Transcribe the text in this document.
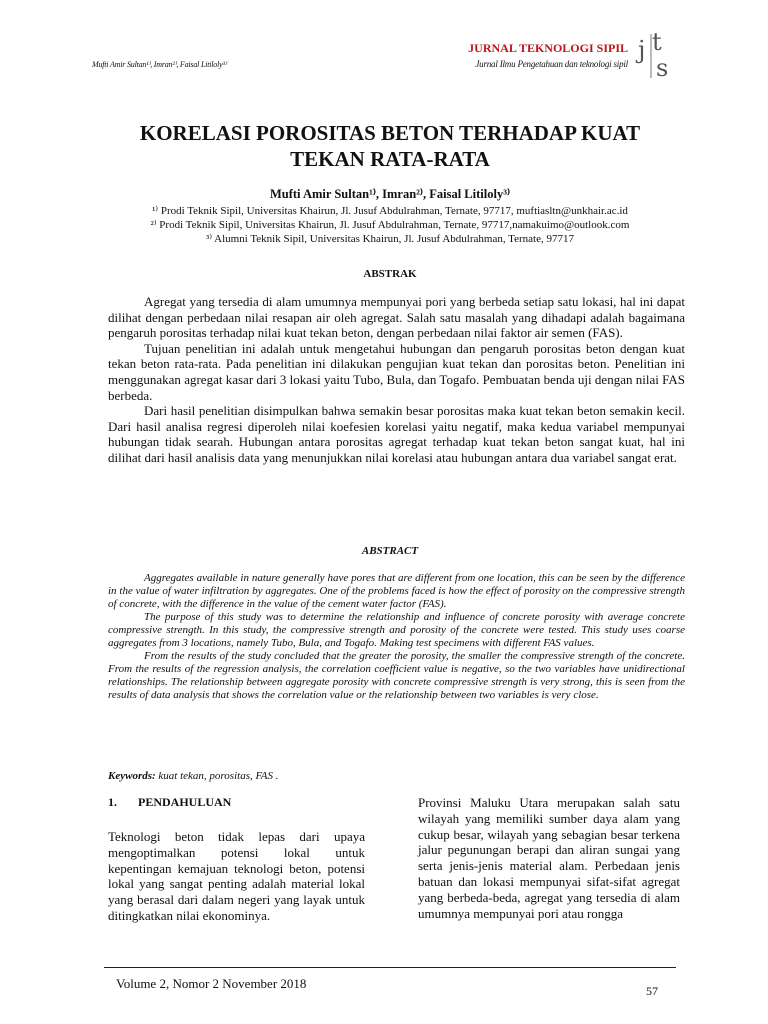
Mufti Amir Sultan¹⁾, Imran²⁾, Faisal Litiloly³⁾
JURNAL TEKNOLOGI SIPIL
Jurnal Ilmu Pengetahuan dan teknologi sipil j t
s
KORELASI POROSITAS BETON TERHADAP KUAT
TEKAN RATA-RATA
Mufti Amir Sultan¹⁾, Imran²⁾, Faisal Litiloly³⁾
¹⁾ Prodi Teknik Sipil, Universitas Khairun, Jl. Jusuf Abdulrahman, Ternate, 97717, muftiasltn@unkhair.ac.id
²⁾ Prodi Teknik Sipil, Universitas Khairun, Jl. Jusuf Abdulrahman, Ternate, 97717,namakuimo@outlook.com
³⁾ Alumni Teknik Sipil, Universitas Khairun, Jl. Jusuf Abdulrahman, Ternate, 97717
ABSTRAK

Agregat yang tersedia di alam umumnya mempunyai pori yang berbeda setiap satu lokasi, hal ini dapat dilihat dengan perbedaan nilai resapan air oleh agregat. Salah satu masalah yang dihadapi adalah bagaimana pengaruh porositas terhadap nilai kuat tekan beton, dengan perbedaan nilai faktor air semen (FAS).

Tujuan penelitian ini adalah untuk mengetahui hubungan dan pengaruh porositas beton dengan kuat tekan beton rata-rata. Pada penelitian ini dilakukan pengujian kuat tekan dan porositas beton. Penelitian ini menggunakan agregat kasar dari 3 lokasi yaitu Tubo, Bula, dan Togafo. Pembuatan benda uji dengan nilai FAS berbeda.

Dari hasil penelitian disimpulkan bahwa semakin besar porositas maka kuat tekan beton semakin kecil. Dari hasil analisa regresi diperoleh nilai koefesien korelasi yaitu negatif, maka kedua variabel mempunyai hubungan tidak searah. Hubungan antara porositas agregat terhadap kuat tekan beton sangat kuat, hal ini dilihat dari hasil analisis data yang menunjukkan nilai korelasi atau hubungan antara dua variabel sangat erat.

ABSTRACT

Aggregates available in nature generally have pores that are different from one location, this can be seen by the difference in the value of water infiltration by aggregates. One of the problems faced is how the effect of porosity on the compressive strength of concrete, with the difference in the value of the cement water factor (FAS).

The purpose of this study was to determine the relationship and influence of concrete porosity with average concrete compressive strength. In this study, the compressive strength and porosity of the concrete were tested. This study uses coarse aggregates from 3 locations, namely Tubo, Bula, and Togafo. Making test specimens with different FAS values.

From the results of the study concluded that the greater the porosity, the smaller the compressive strength of the concrete. From the results of the regression analysis, the correlation coefficient value is negative, so the two variables have unidirectional relationships. The relationship between aggregate porosity with concrete compressive strength is very strong, this is seen from the results of data analysis that shows the correlation value or the relationship between two variables is very close.

Keywords: kuat tekan, porositas, FAS .
1. PENDAHULUAN
Teknologi beton tidak lepas dari upaya mengoptimalkan potensi lokal untuk kepentingan kemajuan teknologi beton, potensi lokal yang sangat penting adalah material lokal yang berasal dari dalam negeri yang layak untuk ditingkatkan nilai ekonominya.
Provinsi Maluku Utara merupakan salah satu wilayah yang memiliki sumber daya alam yang cukup besar, wilayah yang sebagian besar terkena jalur pegunungan berapi dan aliran sungai yang serta jenis-jenis material alam. Perbedaan jenis batuan dan lokasi mempunyai sifat-sifat agregat yang berbeda-beda, agregat yang tersedia di alam umumnya mempunyai pori atau rongga
Volume 2, Nomor 2 November 2018	57
